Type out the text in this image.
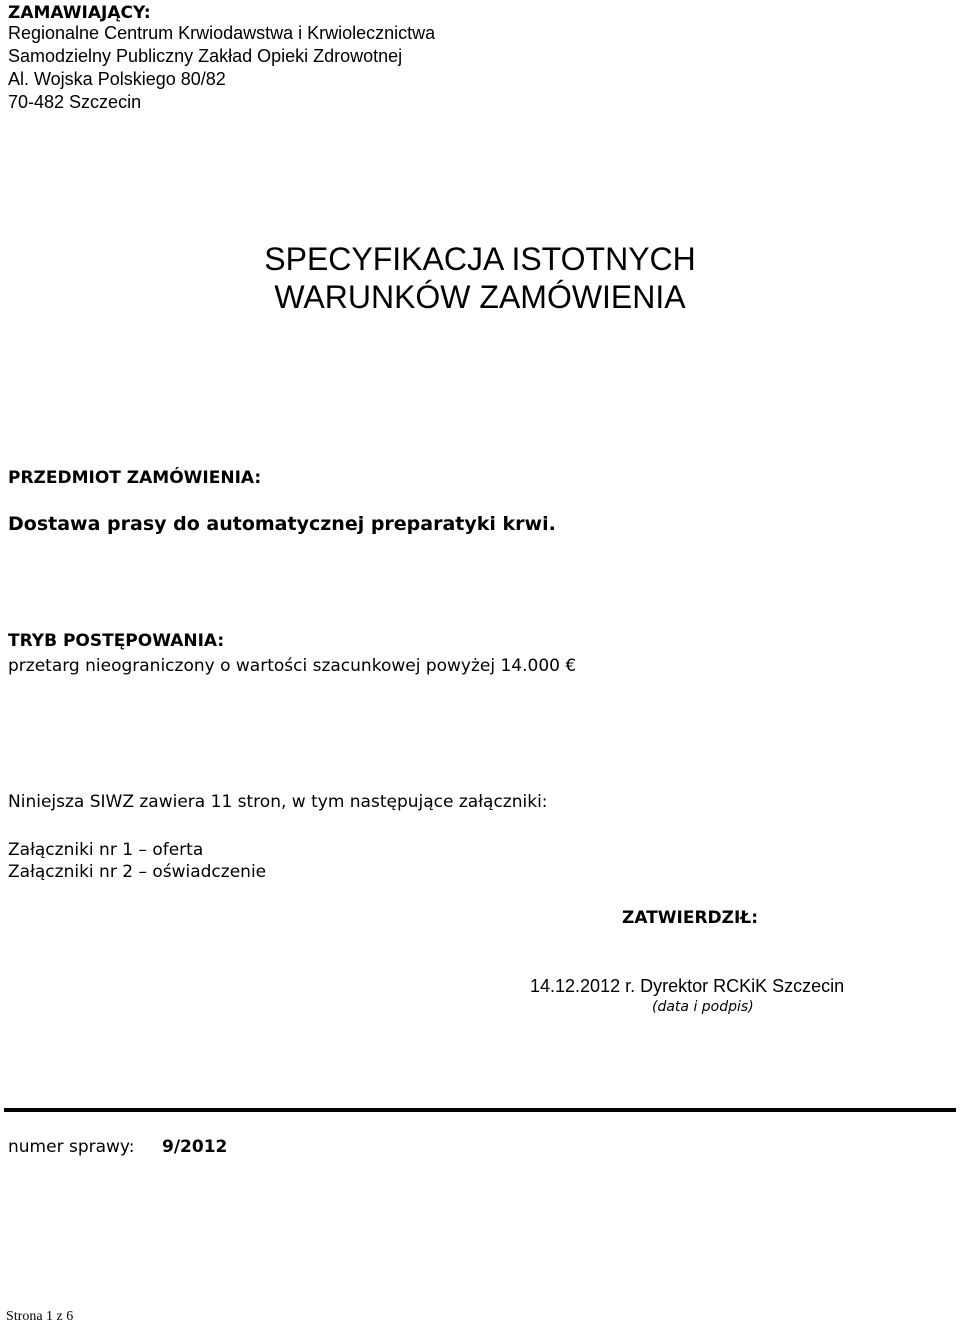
ZAMAWIAJĄCY:
Regionalne Centrum Krwiodawstwa i Krwiolecznictwa
Samodzielny Publiczny Zakład Opieki Zdrowotnej
Al. Wojska Polskiego 80/82
70-482 Szczecin
SPECYFIKACJA ISTOTNYCH
WARUNKÓW ZAMÓWIENIA
PRZEDMIOT ZAMÓWIENIA:
Dostawa prasy do automatycznej preparatyki krwi.
TRYB POSTĘPOWANIA:
przetarg nieograniczony o wartości szacunkowej powyżej 14.000 €
Niniejsza SIWZ zawiera 11 stron, w tym następujące załączniki:
Załączniki nr 1 – oferta
Załączniki nr 2 – oświadczenie
ZATWIERDZIŁ:
14.12.2012 r. Dyrektor RCKiK Szczecin
(data i podpis)
numer sprawy: 9/2012
Strona 1 z 6
